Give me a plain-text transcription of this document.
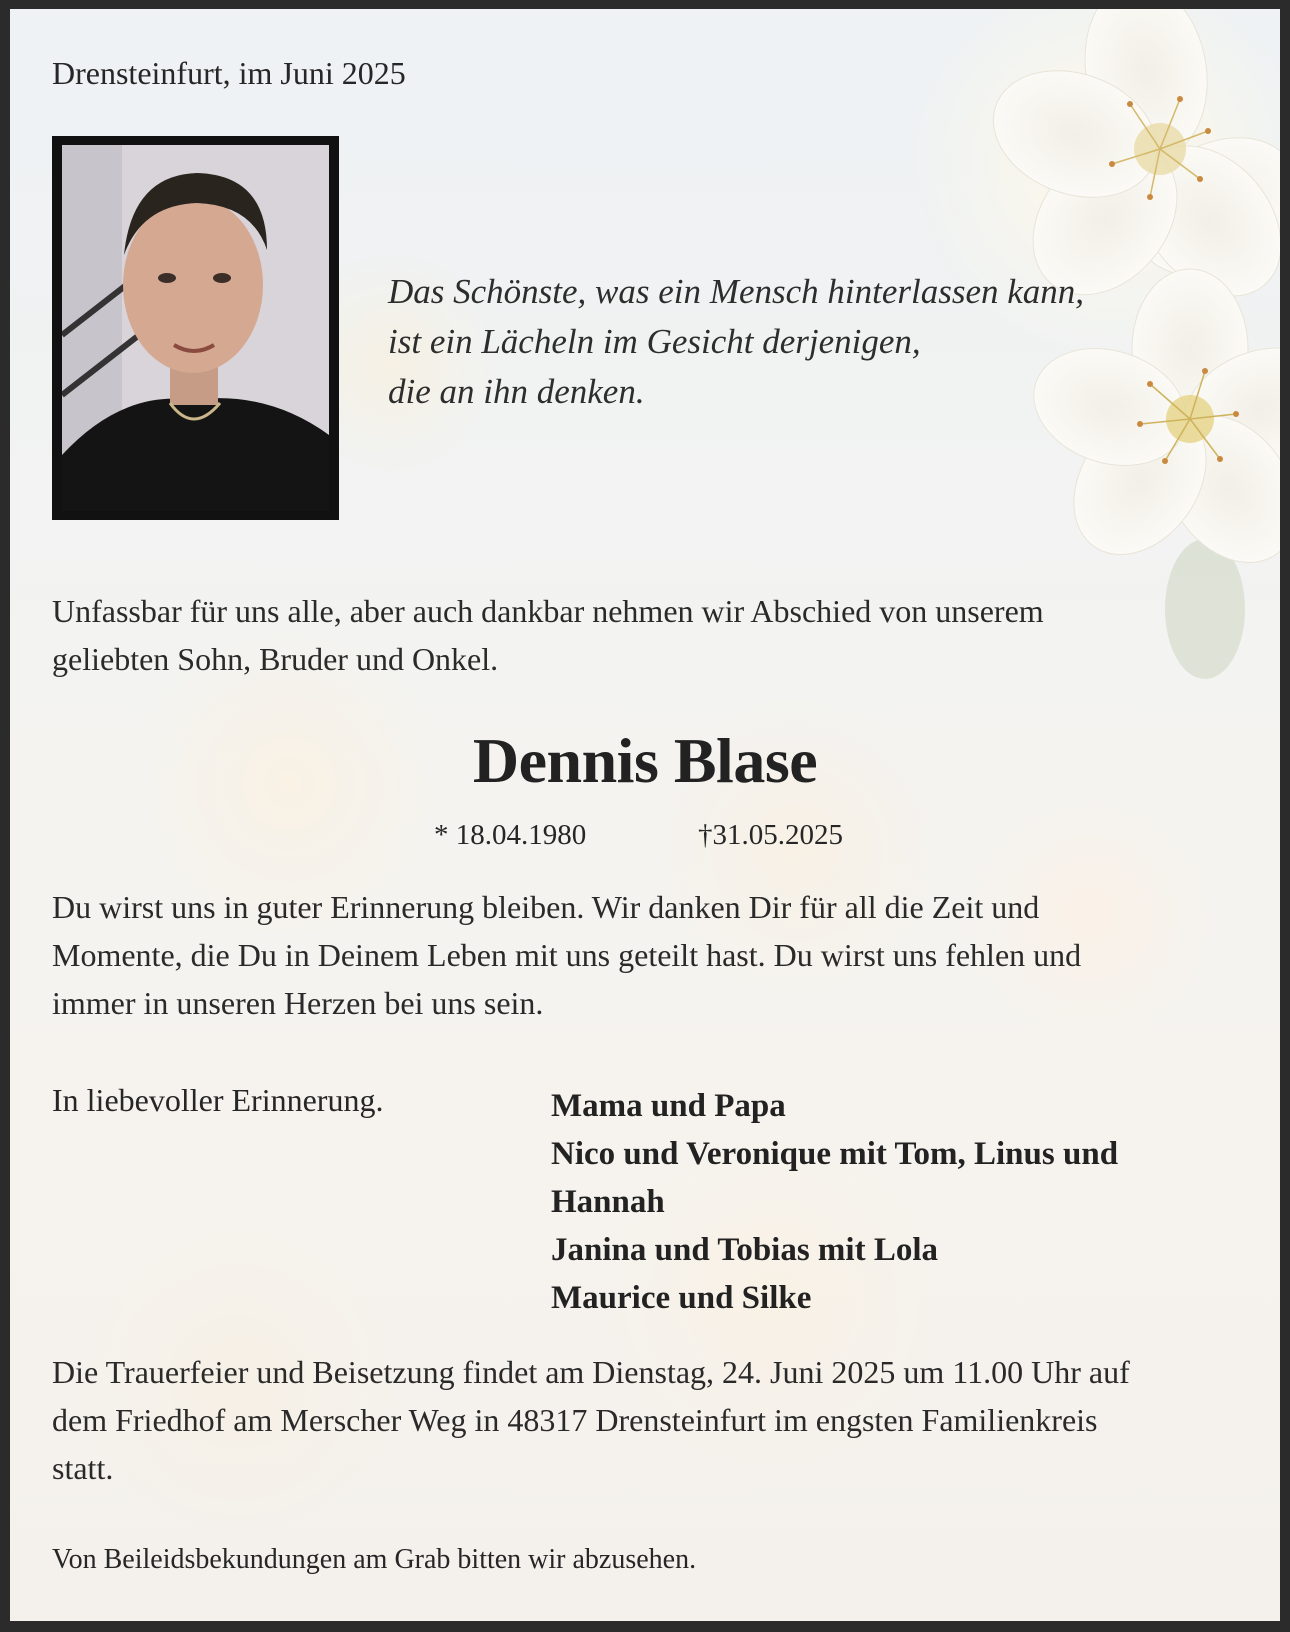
Drensteinfurt, im Juni 2025

Das Schönste, was ein Mensch hinterlassen kann,
ist ein Lächeln im Gesicht derjenigen,
die an ihn denken.
Unfassbar für uns alle, aber auch dankbar nehmen wir Abschied von unserem
geliebten Sohn, Bruder und Onkel.
Dennis Blase

* 18.04.1980	†31.05.2025

Du wirst uns in guter Erinnerung bleiben. Wir danken Dir für all die Zeit und
Momente, die Du in Deinem Leben mit uns geteilt hast. Du wirst uns fehlen und
immer in unseren Herzen bei uns sein.

In liebevoller Erinnerung.	Mama und Papa
Nico und Veronique mit Tom, Linus und
Hannah
Janina und Tobias mit Lola
Maurice und Silke
Die Trauerfeier und Beisetzung findet am Dienstag, 24. Juni 2025 um 11.00 Uhr auf
dem Friedhof am Merscher Weg in 48317 Drensteinfurt im engsten Familienkreis
statt.

Von Beileidsbekundungen am Grab bitten wir abzusehen.
